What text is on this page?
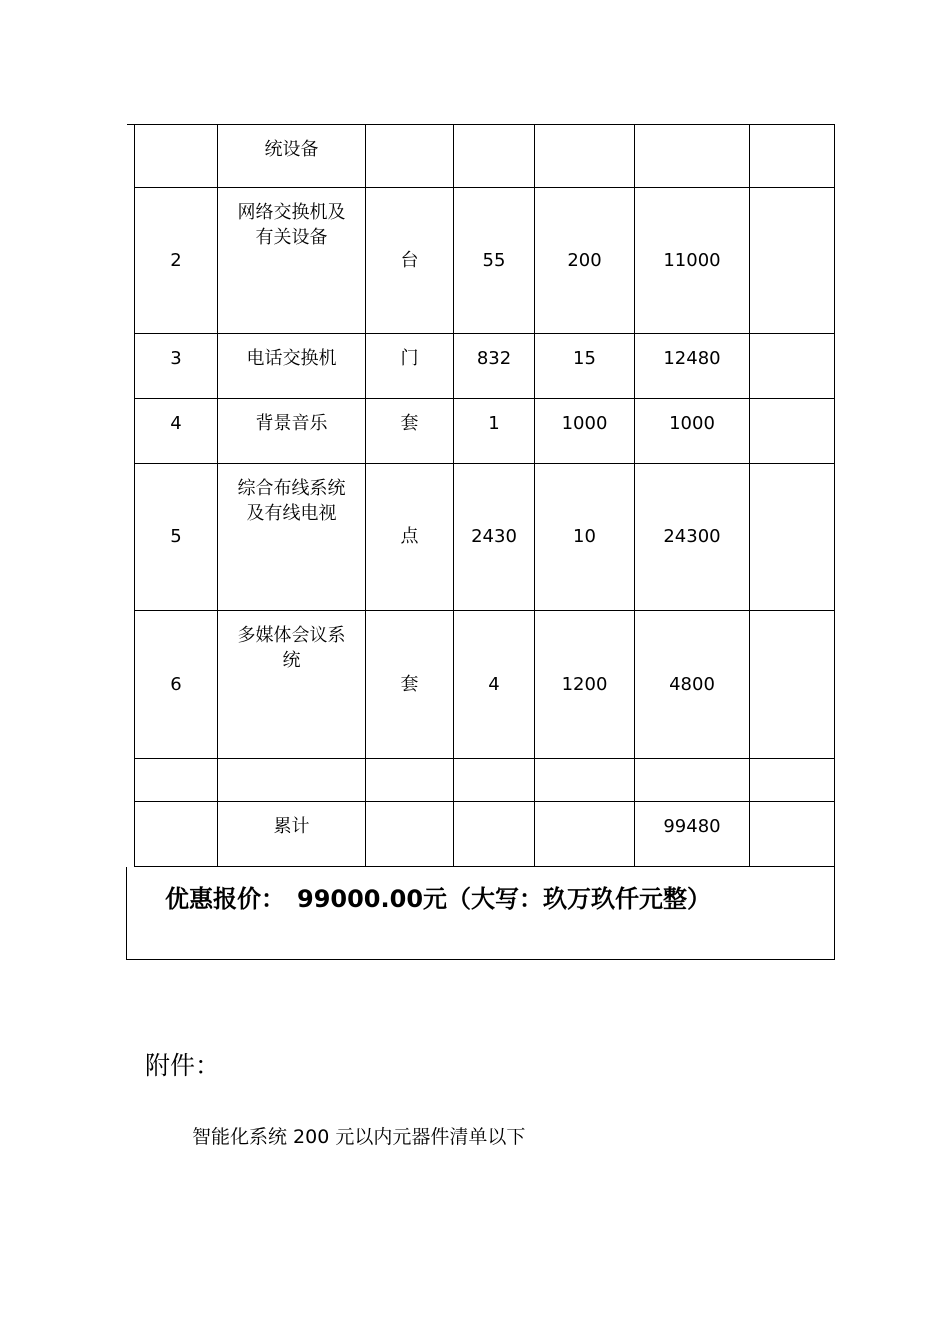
	统设备					
2	网络交换机及
有关设备	台	55	200	11000	
3	电话交换机	门	832	15	12480	
4	背景音乐	套	1	1000	1000	
5	综合布线系统
及有线电视	点	2430	10	24300	
6	多媒体会议系
统	套	4	1200	4800	

	累计				99480	
优惠报价： 99000.00元（大写：玖万玖仟元整）
附件：
智能化系统 200 元以内元器件清单以下
